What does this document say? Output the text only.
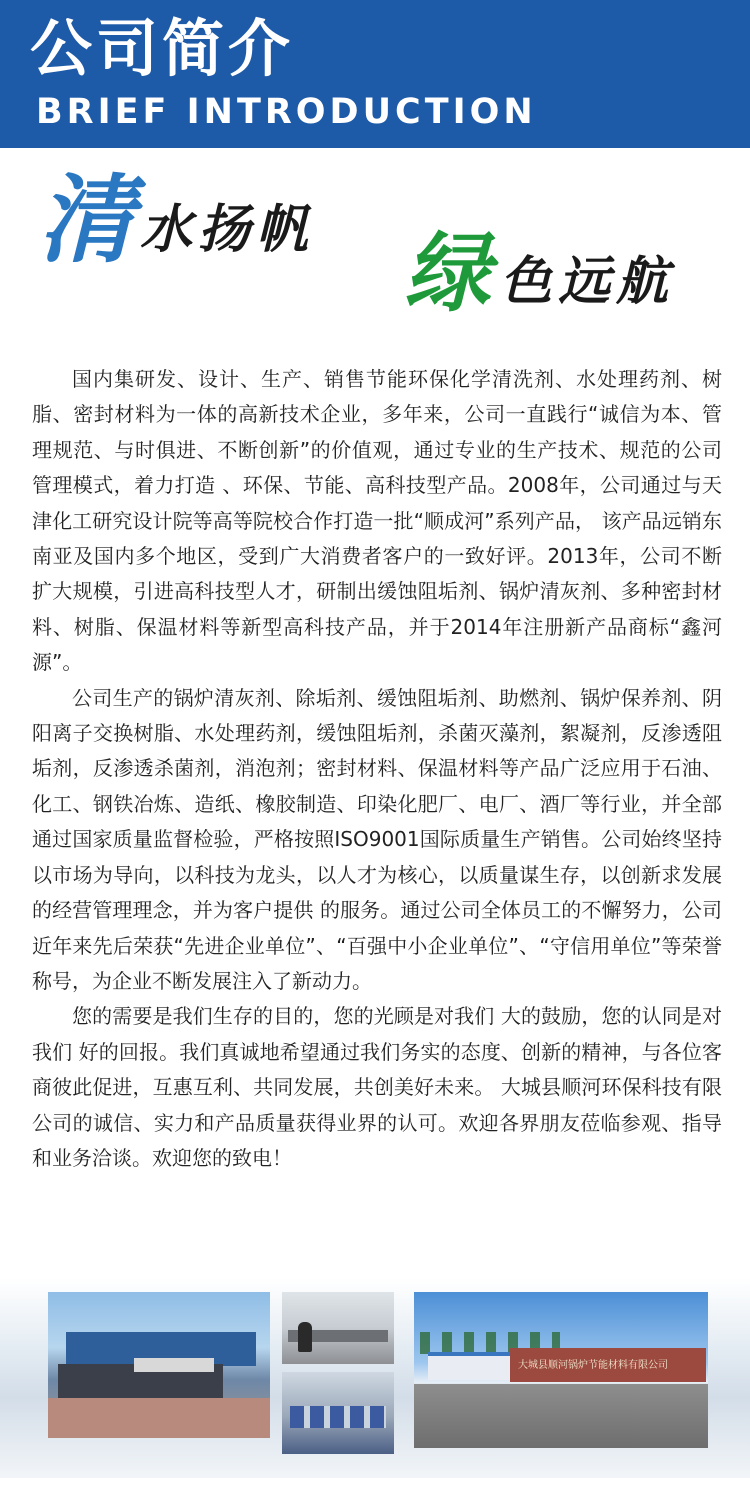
公司简介
BRIEF INTRODUCTION
清 水扬帆 绿 色远航

国内集研发、设计、生产、销售节能环保化学清洗剂、水处理药剂、树脂、密封材料为一体的高新技术企业，多年来，公司一直践行“诚信为本、管理规范、与时俱进、不断创新”的价值观，通过专业的生产技术、规范的公司管理模式，着力打造 、环保、节能、高科技型产品。2008年，公司通过与天津化工研究设计院等高等院校合作打造一批“顺成河”系列产品， 该产品远销东南亚及国内多个地区，受到广大消费者客户的一致好评。2013年，公司不断扩大规模，引进高科技型人才，研制出缓蚀阻垢剂、锅炉清灰剂、多种密封材料、树脂、保温材料等新型高科技产品，并于2014年注册新产品商标“鑫河源”。

公司生产的锅炉清灰剂、除垢剂、缓蚀阻垢剂、助燃剂、锅炉保养剂、阴阳离子交换树脂、水处理药剂，缓蚀阻垢剂，杀菌灭藻剂，絮凝剂，反渗透阻垢剂，反渗透杀菌剂，消泡剂；密封材料、保温材料等产品广泛应用于石油、化工、钢铁冶炼、造纸、橡胶制造、印染化肥厂、电厂、酒厂等行业，并全部通过国家质量监督检验，严格按照ISO9001国际质量生产销售。公司始终坚持以市场为导向，以科技为龙头，以人才为核心，以质量谋生存，以创新求发展的经营管理理念，并为客户提供 的服务。通过公司全体员工的不懈努力，公司近年来先后荣获“先进企业单位”、“百强中小企业单位”、“守信用单位”等荣誉称号，为企业不断发展注入了新动力。

您的需要是我们生存的目的，您的光顾是对我们 大的鼓励，您的认同是对我们 好的回报。我们真诚地希望通过我们务实的态度、创新的精神，与各位客商彼此促进，互惠互利、共同发展，共创美好未来。 大城县顺河环保科技有限公司的诚信、实力和产品质量获得业界的认可。欢迎各界朋友莅临参观、指导和业务洽谈。欢迎您的致电！

大城县顺河锅炉节能材料有限公司
